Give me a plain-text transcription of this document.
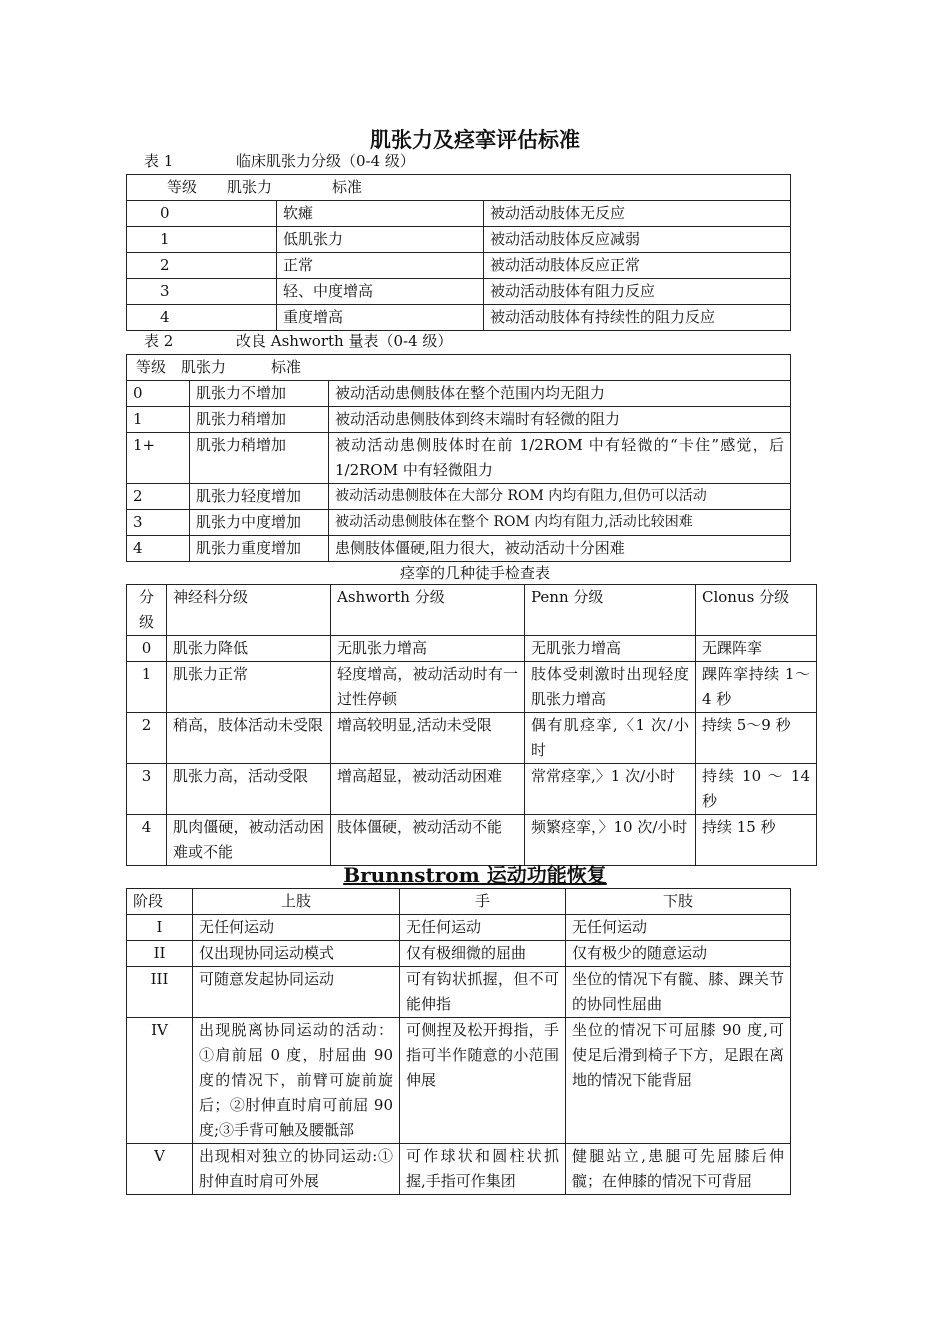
肌张力及痉挛评估标准
表 1	临床肌张力分级（0-4 级）
等级　　肌张力　　　　标准		
0	软瘫	被动活动肢体无反应
1	低肌张力	被动活动肢体反应减弱
2	正常	被动活动肢体反应正常
3	轻、中度增高	被动活动肢体有阻力反应
4	重度增高	被动活动肢体有持续性的阻力反应
表 2	改良 Ashworth 量表（0-4 级）
等级　肌张力　　　标准		
0	肌张力不增加	被动活动患侧肢体在整个范围内均无阻力
1	肌张力稍增加	被动活动患侧肢体到终末端时有轻微的阻力
1+	肌张力稍增加	被动活动患侧肢体时在前 1/2ROM 中有轻微的“卡住”感觉，后 1/2ROM 中有轻微阻力
2	肌张力轻度增加	被动活动患侧肢体在大部分 ROM 内均有阻力,但仍可以活动
3	肌张力中度增加	被动活动患侧肢体在整个 ROM 内均有阻力,活动比较困难
4	肌张力重度增加	患侧肢体僵硬,阻力很大，被动活动十分困难
痉挛的几种徒手检查表
分级	神经科分级	Ashworth 分级	Penn 分级	Clonus 分级
0	肌张力降低	无肌张力增高	无肌张力增高	无踝阵挛
1	肌张力正常	轻度增高，被动活动时有一过性停顿	肢体受刺激时出现轻度肌张力增高	踝阵挛持续 1～4 秒
2	稍高，肢体活动未受限	增高较明显,活动未受限	偶有肌痉挛,〈1 次/小时	持续 5～9 秒
3	肌张力高，活动受限	增高超显，被动活动困难	常常痉挛,〉1 次/小时	持续 10 ～ 14 秒
4	肌肉僵硬，被动活动困难或不能	肢体僵硬，被动活动不能	频繁痉挛，〉10 次/小时	持续 15 秒
Brunnstrom 运动功能恢复
阶段	上肢	手	下肢
I	无任何运动	无任何运动	无任何运动
II	仅出现协同运动模式	仅有极细微的屈曲	仅有极少的随意运动
III	可随意发起协同运动	可有钩状抓握，但不可能伸指	坐位的情况下有髋、膝、踝关节的协同性屈曲
IV	出现脱离协同运动的活动：①肩前屈 0 度，肘屈曲 90 度的情况下，前臂可旋前旋后；②肘伸直时肩可前屈 90 度;③手背可触及腰骶部	可侧捏及松开拇指，手指可半作随意的小范围伸展	坐位的情况下可屈膝 90 度,可使足后滑到椅子下方，足跟在离地的情况下能背屈
V	出现相对独立的协同运动:①肘伸直时肩可外展	可作球状和圆柱状抓握,手指可作集团	健腿站立,患腿可先屈膝后伸髋；在伸膝的情况下可背屈
